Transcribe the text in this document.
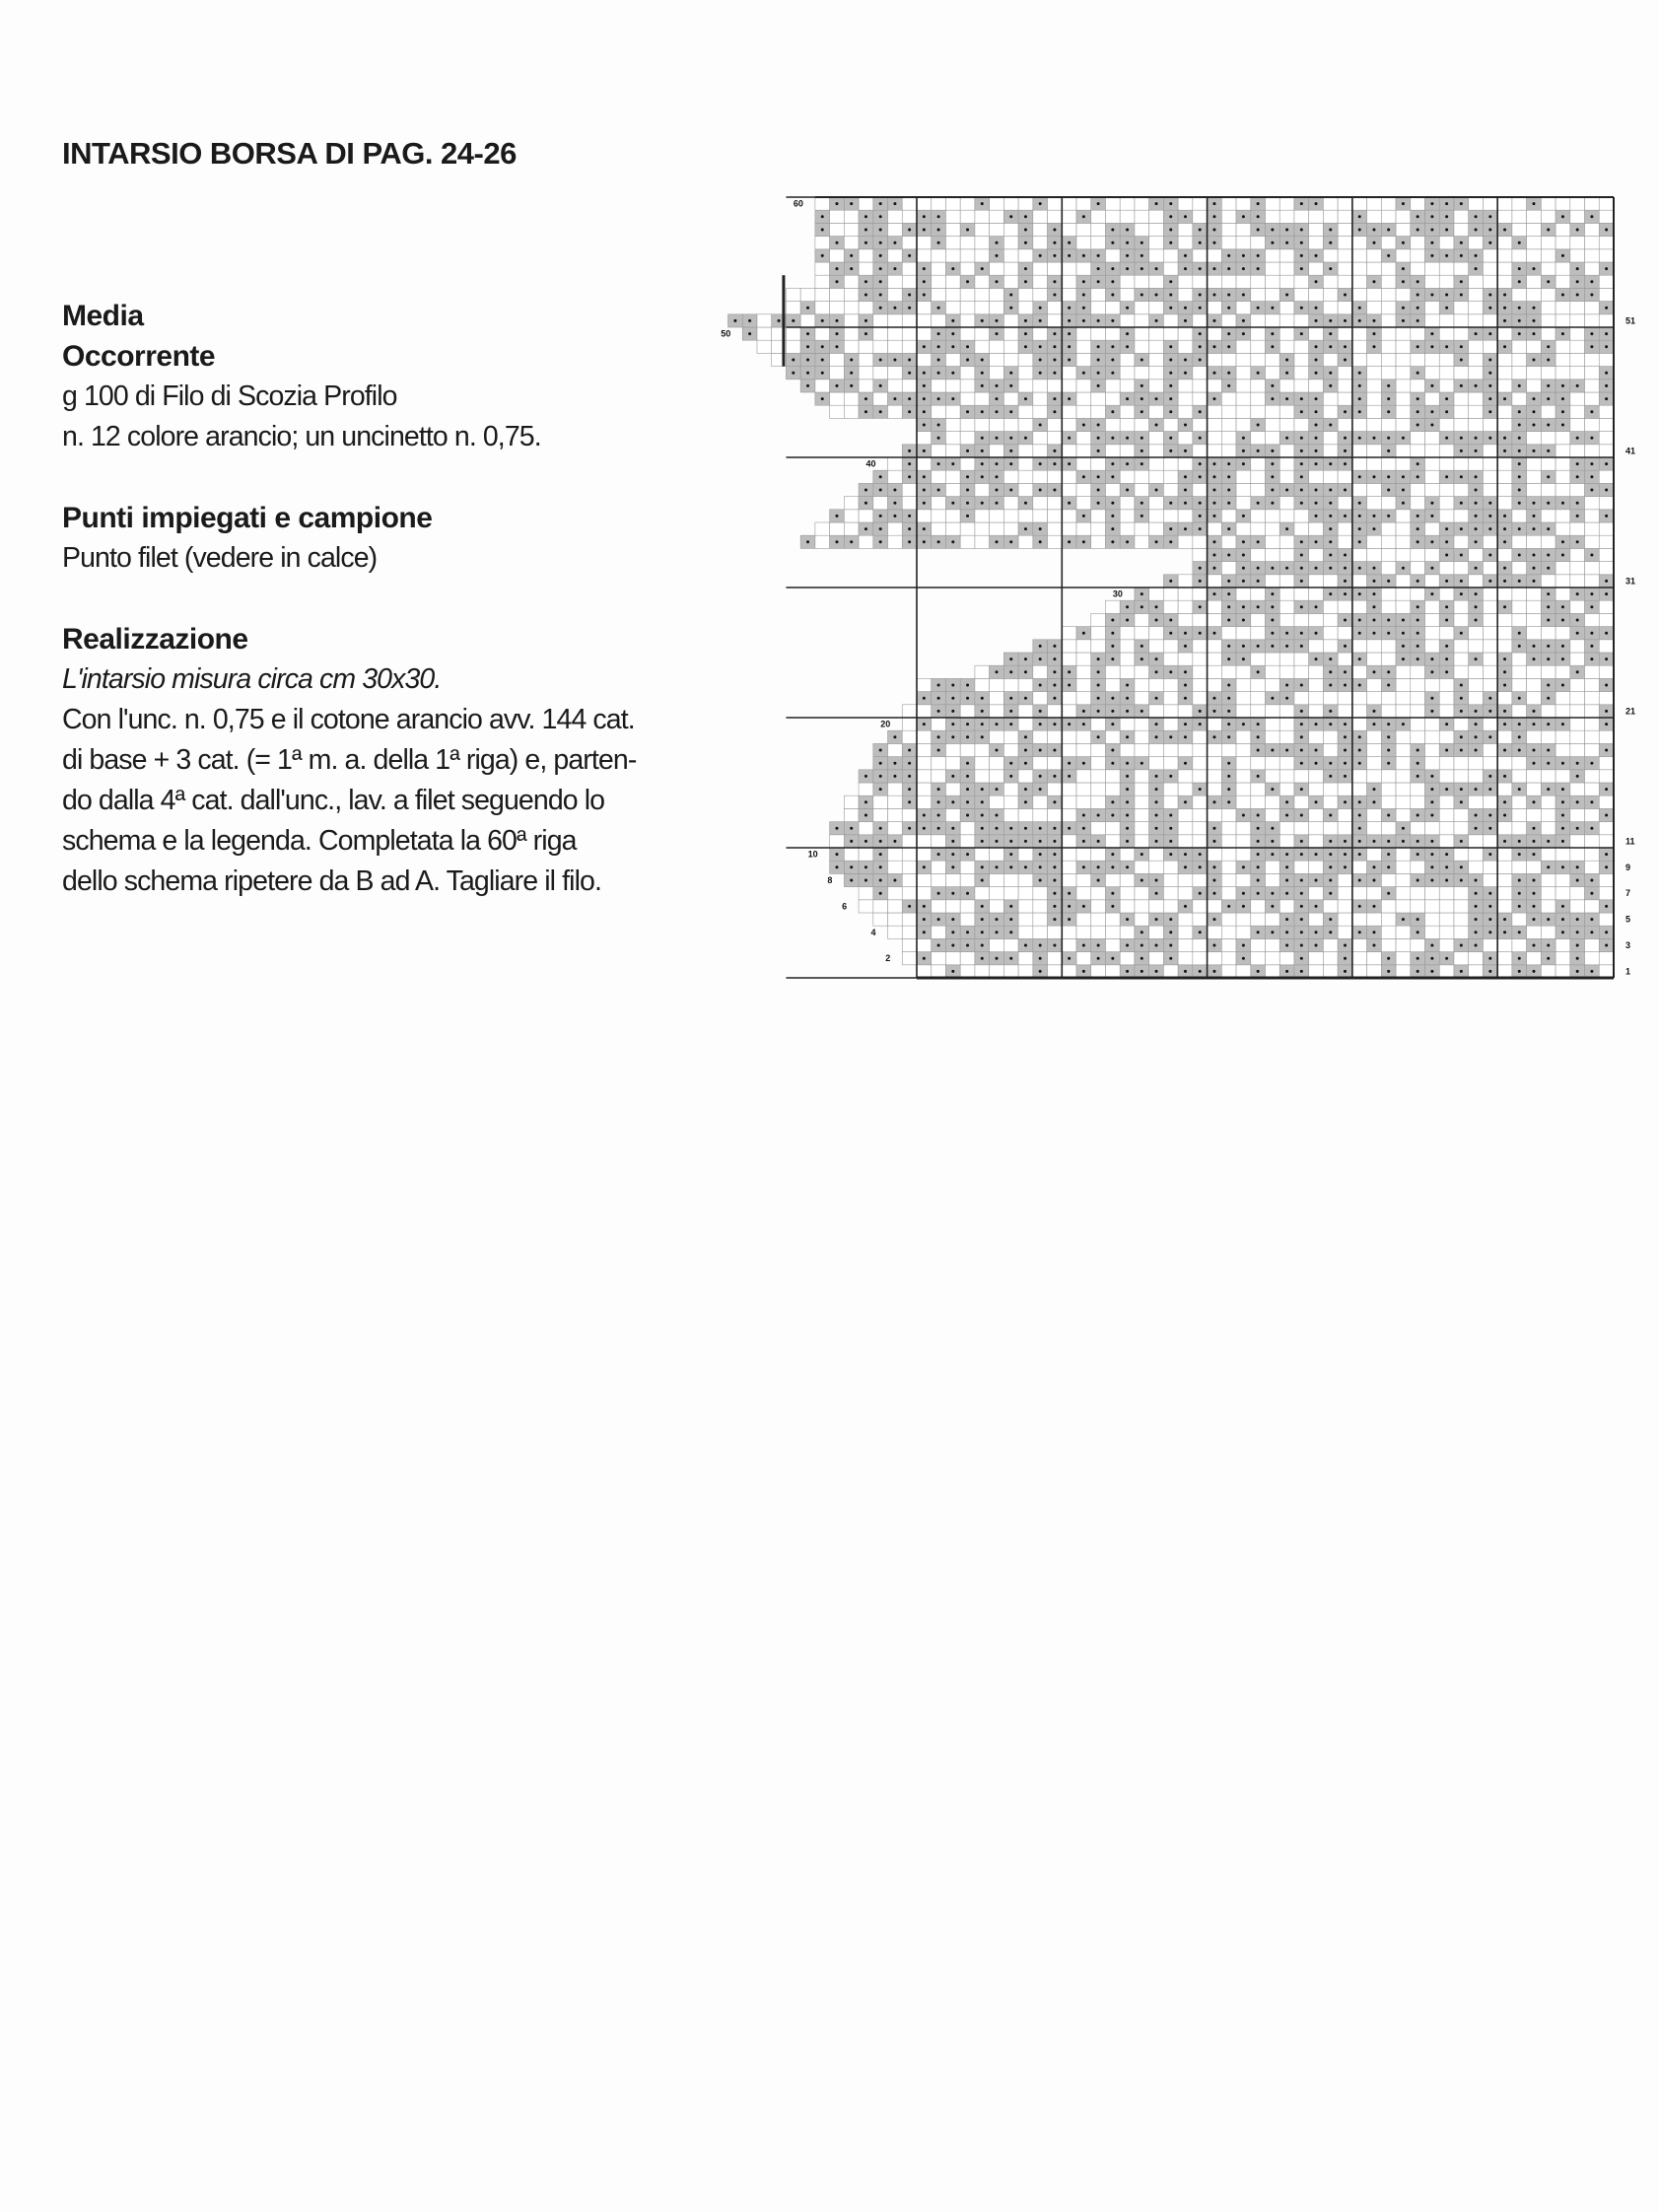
INTARSIO BORSA DI PAG. 24-26
Media
Occorrente

g 100 di Filo di Scozia Profilo

n. 12 colore arancio; un uncinetto n. 0,75.

Punti impiegati e campione

Punto filet (vedere in calce)

Realizzazione

L'intarsio misura circa cm 30x30.

Con l'unc. n. 0,75 e il cotone arancio avv. 144 cat.

di base + 3 cat. (= 1ª m. a. della 1ª riga) e, parten-

do dalla 4ª cat. dall'unc., lav. a filet seguendo lo

schema e la legenda. Completata la 60ª riga

dello schema ripetere da B ad A. Tagliare il filo.

60
50
40
30
20
10
8
6
4
2
51
41
31
21
11
9
7
5
3
1
